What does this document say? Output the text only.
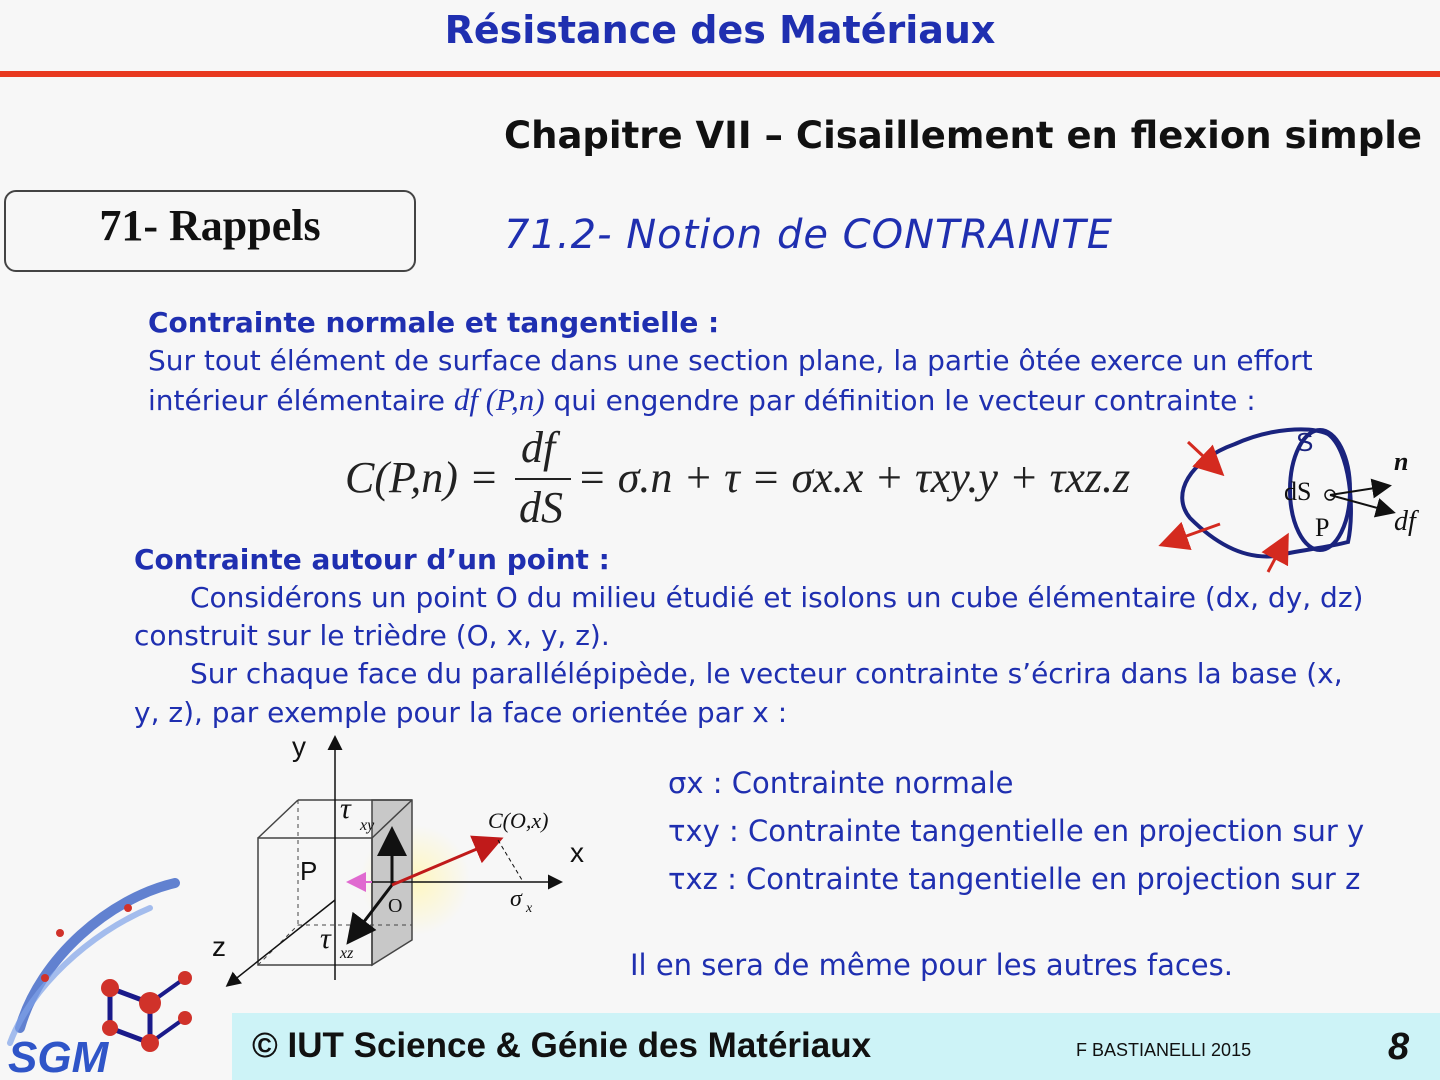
Résistance des Matériaux
Chapitre VII – Cisaillement en flexion simple
71- Rappels	71.2- Notion de CONTRAINTE
Contrainte normale et tangentielle :
Sur tout élément de surface dans une section plane, la partie ôtée exerce un effort
intérieur élémentaire df (P,n) qui engendre par définition le vecteur contrainte :
C(P,n) =
df
dS
= σ.n + τ = σx.x + τxy.y + τxz.z
S
dS
P
n
df
Contrainte autour d’un point :
Considérons un point O du milieu étudié et isolons un cube élémentaire (dx, dy, dz)
construit sur le trièdre (O, x, y, z).
Sur chaque face du parallélépipède, le vecteur contrainte s’écrira dans la base (x,
y, z), par exemple pour la face orientée par x :
y
x
z
P
O
τ
xy
τ xz
C(O,x)
σ x
σx : Contrainte normale
τxy : Contrainte tangentielle en projection sur y
τxz : Contrainte tangentielle en projection sur z
Il en sera de même pour les autres faces.
SGM	© IUT Science & Génie des Matériaux	F BASTIANELLI 2015	8
